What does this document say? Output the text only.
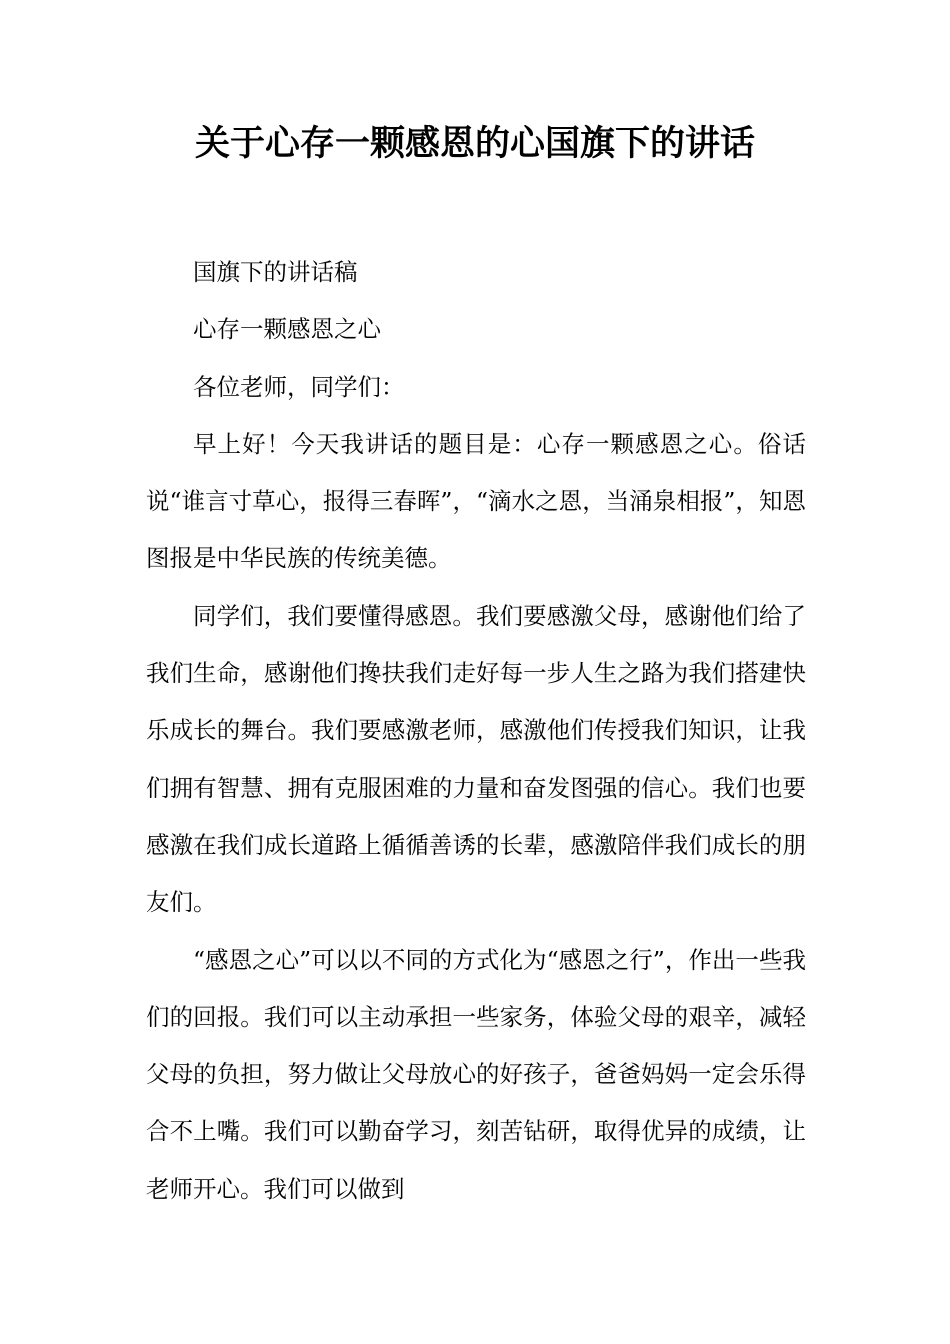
关于心存一颗感恩的心国旗下的讲话

国旗下的讲话稿

心存一颗感恩之心

各位老师，同学们：

早上好！今天我讲话的题目是：心存一颗感恩之心。俗话说“谁言寸草心，报得三春晖”，“滴水之恩，当涌泉相报”，知恩图报是中华民族的传统美德。

同学们，我们要懂得感恩。我们要感激父母，感谢他们给了我们生命，感谢他们搀扶我们走好每一步人生之路为我们搭建快乐成长的舞台。我们要感激老师，感激他们传授我们知识，让我们拥有智慧、拥有克服困难的力量和奋发图强的信心。我们也要感激在我们成长道路上循循善诱的长辈，感激陪伴我们成长的朋友们。

“感恩之心”可以以不同的方式化为“感恩之行”，作出一些我们的回报。我们可以主动承担一些家务，体验父母的艰辛，减轻父母的负担，努力做让父母放心的好孩子，爸爸妈妈一定会乐得合不上嘴。我们可以勤奋学习，刻苦钻研，取得优异的成绩，让老师开心。我们可以做到
